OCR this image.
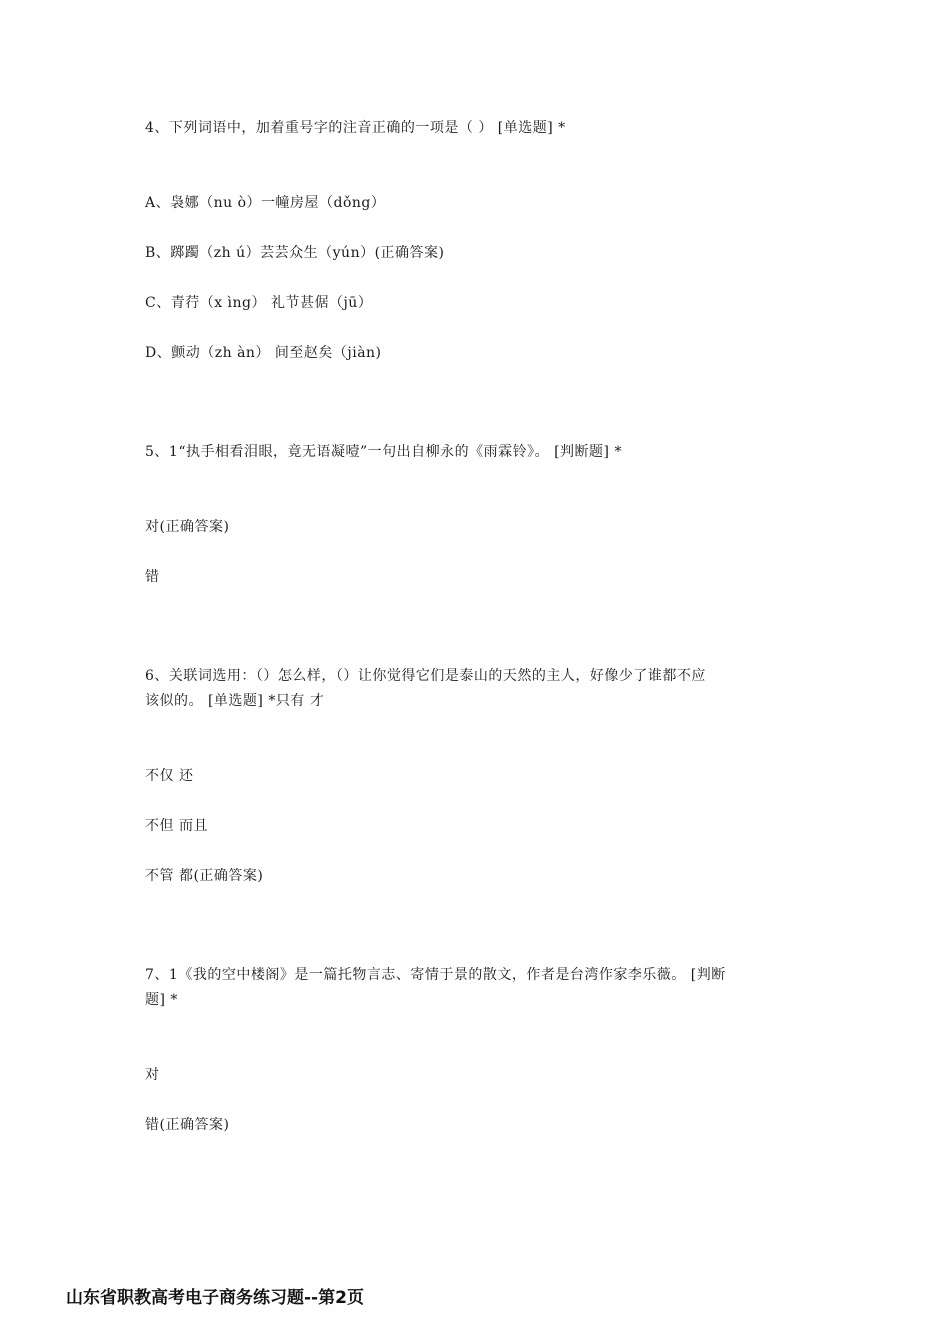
4、下列词语中，加着重号字的注音正确的一项是（ ） [单选题] *
A、袅娜（nu ò）一幢房屋（dǒng）
B、踯躅（zh ú）芸芸众生（yún）(正确答案)
C、青荇（x ìng） 礼节甚倨（jū）
D、颤动（zh àn） 间至赵矣（jiàn)
5、1“执手相看泪眼，竟无语凝噎”一句出自柳永的《雨霖铃》。 [判断题] *
对(正确答案)
错
6、关联词选用：（）怎么样，（）让你觉得它们是泰山的天然的主人，好像少了谁都不应
该似的。 [单选题] *只有 才
不仅 还
不但 而且
不管 都(正确答案)
7、1《我的空中楼阁》是一篇托物言志、寄情于景的散文，作者是台湾作家李乐薇。 [判断
题] *
对
错(正确答案)
山东省职教高考电子商务练习题--第2页
